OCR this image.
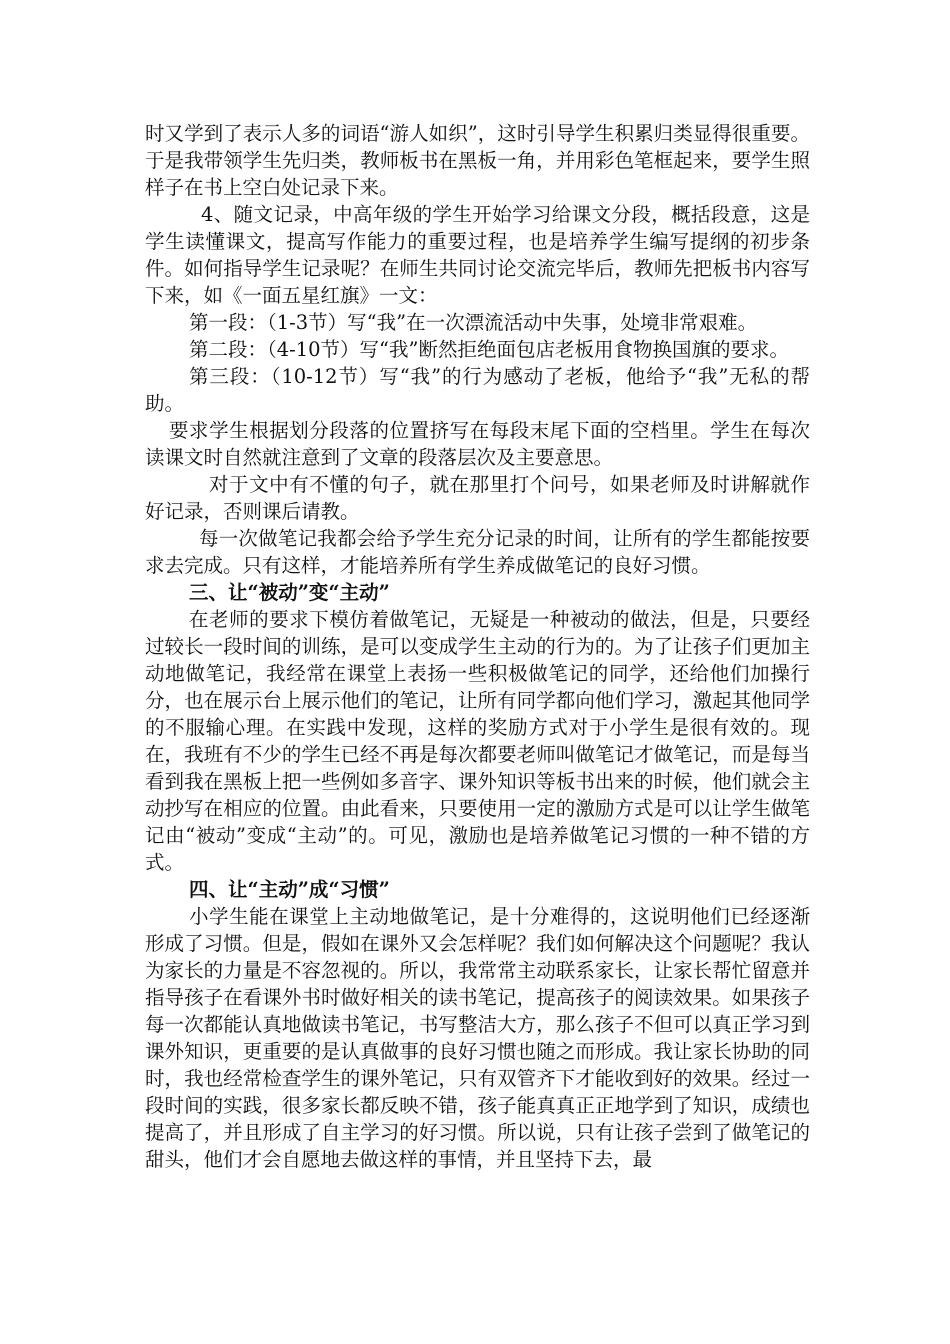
时又学到了表示人多的词语“游人如织”，这时引导学生积累归类显得很重要。于是我带领学生先归类，教师板书在黑板一角，并用彩色笔框起来，要学生照样子在书上空白处记录下来。

4、随文记录，中高年级的学生开始学习给课文分段，概括段意，这是学生读懂课文，提高写作能力的重要过程，也是培养学生编写提纲的初步条件。如何指导学生记录呢？在师生共同讨论交流完毕后，教师先把板书内容写下来，如《一面五星红旗》一文：

第一段：（1-3节）写“我”在一次漂流活动中失事，处境非常艰难。

第二段：（4-10节）写“我”断然拒绝面包店老板用食物换国旗的要求。

第三段：（10-12节）写“我”的行为感动了老板，他给予“我”无私的帮助。

要求学生根据划分段落的位置挤写在每段末尾下面的空档里。学生在每次读课文时自然就注意到了文章的段落层次及主要意思。

对于文中有不懂的句子，就在那里打个问号，如果老师及时讲解就作好记录，否则课后请教。

每一次做笔记我都会给予学生充分记录的时间，让所有的学生都能按要求去完成。只有这样，才能培养所有学生养成做笔记的良好习惯。

三、让“被动”变“主动”

在老师的要求下模仿着做笔记，无疑是一种被动的做法，但是，只要经过较长一段时间的训练，是可以变成学生主动的行为的。为了让孩子们更加主动地做笔记，我经常在课堂上表扬一些积极做笔记的同学，还给他们加操行分，也在展示台上展示他们的笔记，让所有同学都向他们学习，激起其他同学的不服输心理。在实践中发现，这样的奖励方式对于小学生是很有效的。现在，我班有不少的学生已经不再是每次都要老师叫做笔记才做笔记，而是每当看到我在黑板上把一些例如多音字、课外知识等板书出来的时候，他们就会主动抄写在相应的位置。由此看来，只要使用一定的激励方式是可以让学生做笔记由“被动”变成“主动”的。可见，激励也是培养做笔记习惯的一种不错的方式。

四、让“主动”成“习惯”

小学生能在课堂上主动地做笔记，是十分难得的，这说明他们已经逐渐形成了习惯。但是，假如在课外又会怎样呢？我们如何解决这个问题呢？我认为家长的力量是不容忽视的。所以，我常常主动联系家长，让家长帮忙留意并指导孩子在看课外书时做好相关的读书笔记，提高孩子的阅读效果。如果孩子每一次都能认真地做读书笔记，书写整洁大方，那么孩子不但可以真正学习到课外知识，更重要的是认真做事的良好习惯也随之而形成。我让家长协助的同时，我也经常检查学生的课外笔记，只有双管齐下才能收到好的效果。经过一段时间的实践，很多家长都反映不错，孩子能真真正正地学到了知识，成绩也提高了，并且形成了自主学习的好习惯。所以说，只有让孩子尝到了做笔记的甜头，他们才会自愿地去做这样的事情，并且坚持下去，最
